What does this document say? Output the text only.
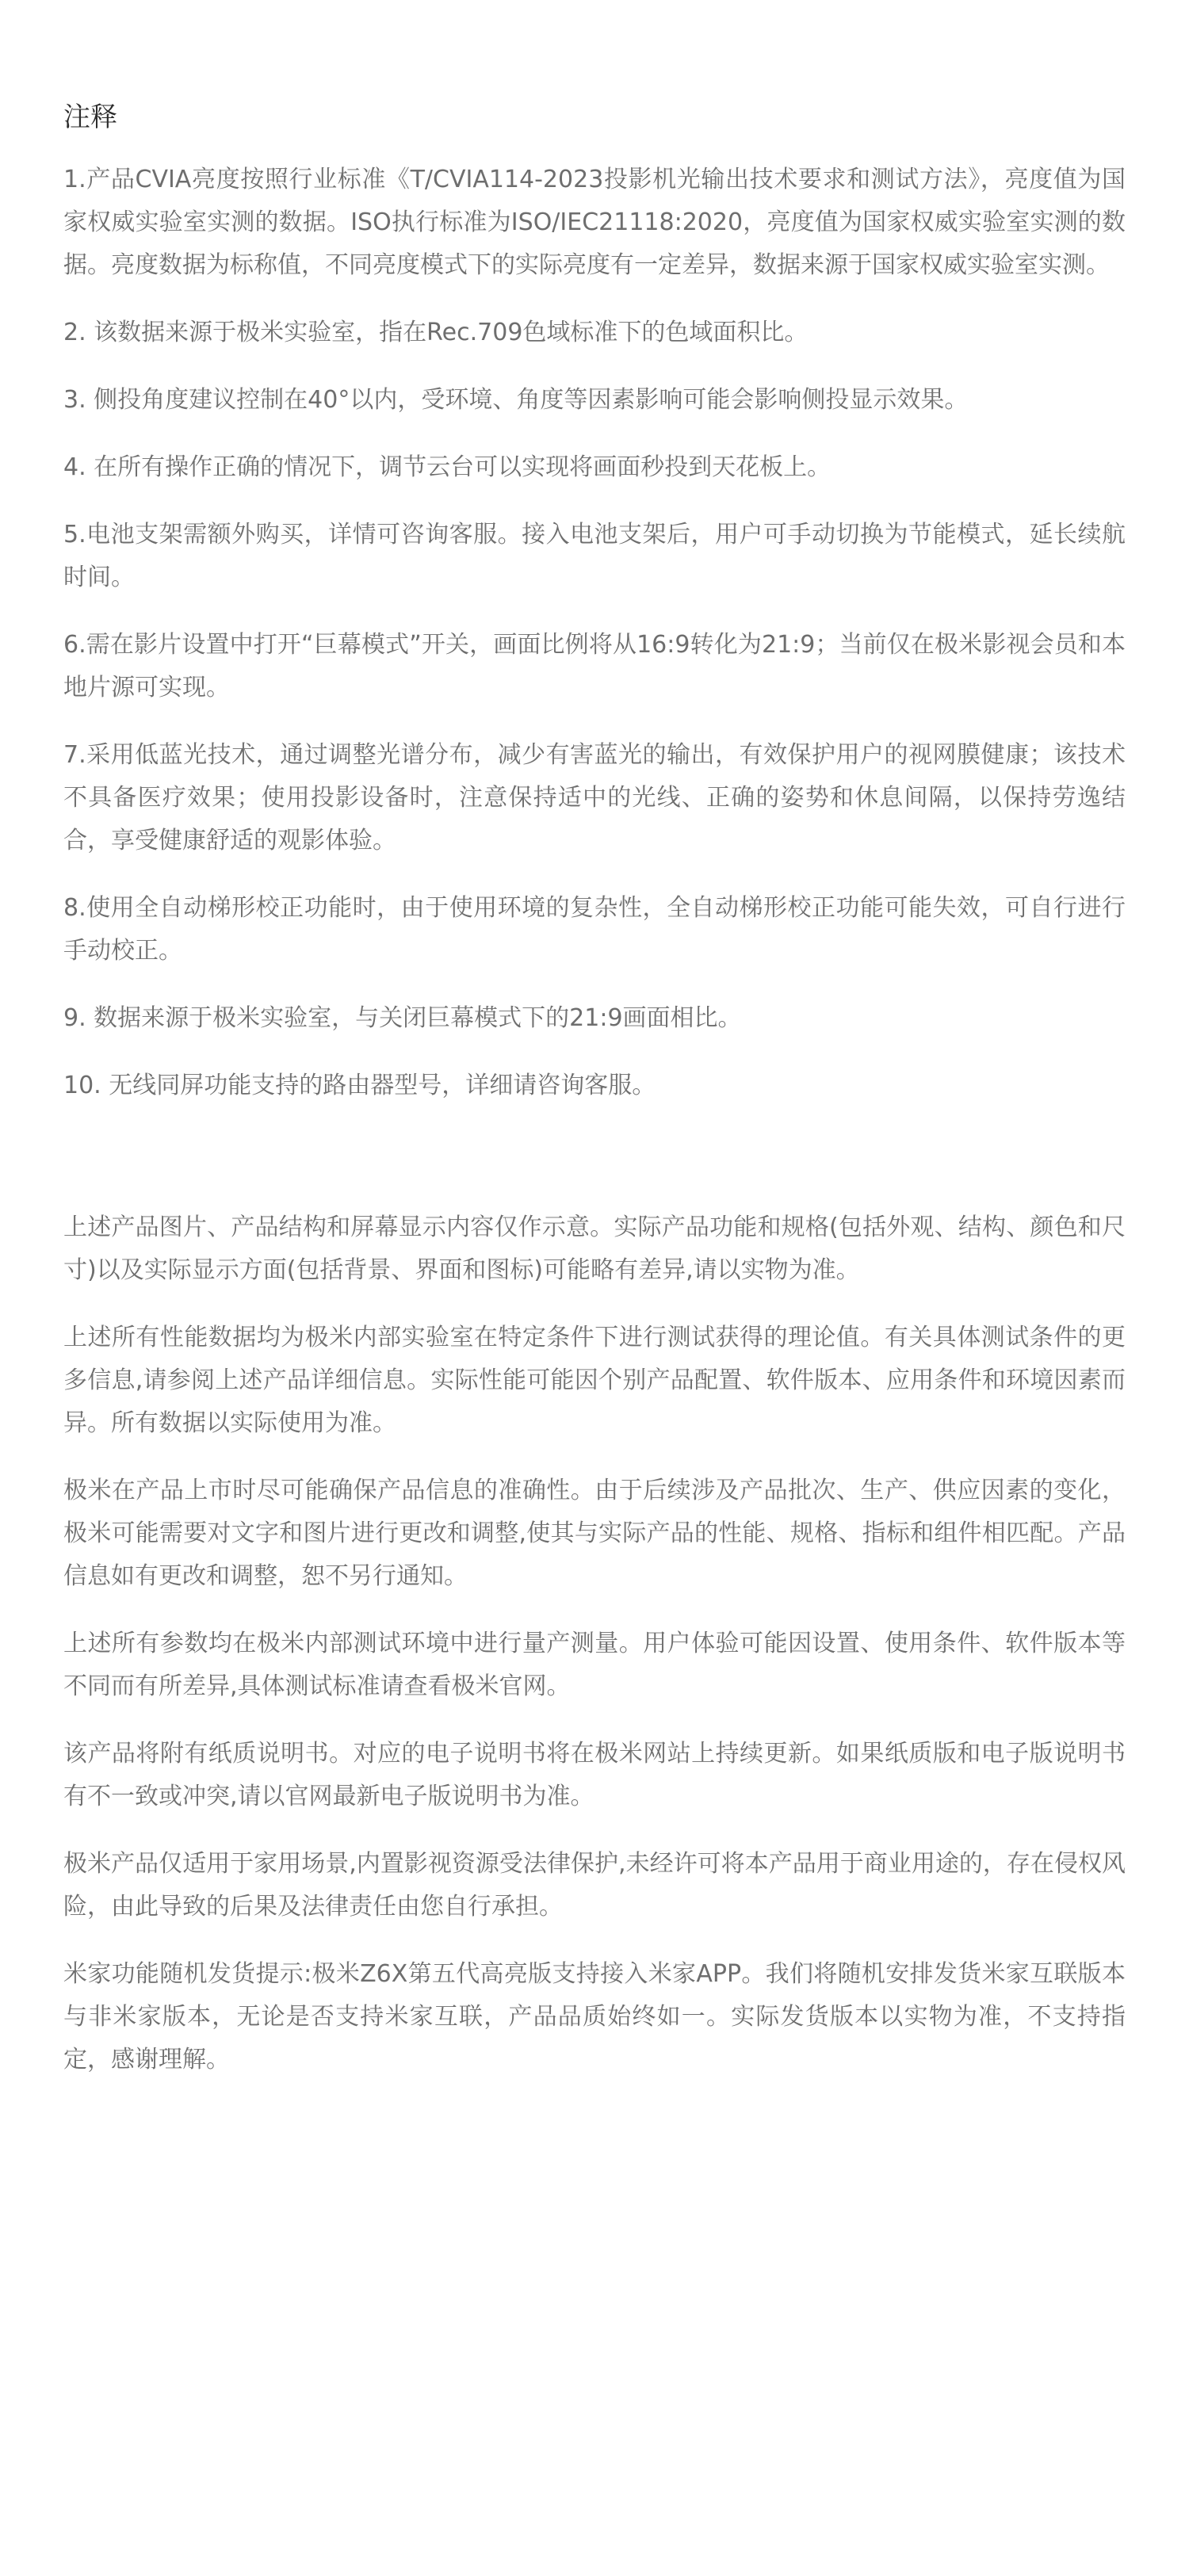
注释

1.产品CVIA亮度按照行业标准《T/CVIA114-2023投影机光输出技术要求和测试方法》，亮度值为国家权威实验室实测的数据。ISO执行标准为ISO/IEC21118:2020，亮度值为国家权威实验室实测的数据。亮度数据为标称值，不同亮度模式下的实际亮度有一定差异，数据来源于国家权威实验室实测。

2. 该数据来源于极米实验室，指在Rec.709色域标准下的色域面积比。

3. 侧投角度建议控制在40°以内，受环境、角度等因素影响可能会影响侧投显示效果。

4. 在所有操作正确的情况下，调节云台可以实现将画面秒投到天花板上。

5.电池支架需额外购买，详情可咨询客服。接入电池支架后，用户可手动切换为节能模式，延长续航时间。

6.需在影片设置中打开“巨幕模式”开关，画面比例将从16:9转化为21:9；当前仅在极米影视会员和本地片源可实现。

7.采用低蓝光技术，通过调整光谱分布，减少有害蓝光的输出，有效保护用户的视网膜健康；该技术不具备医疗效果；使用投影设备时，注意保持适中的光线、正确的姿势和休息间隔，以保持劳逸结合，享受健康舒适的观影体验。

8.使用全自动梯形校正功能时，由于使用环境的复杂性，全自动梯形校正功能可能失效，可自行进行手动校正。

9. 数据来源于极米实验室，与关闭巨幕模式下的21:9画面相比。

10. 无线同屏功能支持的路由器型号，详细请咨询客服。

上述产品图片、产品结构和屏幕显示内容仅作示意。实际产品功能和规格(包括外观、结构、颜色和尺寸)以及实际显示方面(包括背景、界面和图标)可能略有差异,请以实物为准。

上述所有性能数据均为极米内部实验室在特定条件下进行测试获得的理论值。有关具体测试条件的更多信息,请参阅上述产品详细信息。实际性能可能因个别产品配置、软件版本、应用条件和环境因素而异。所有数据以实际使用为准。

极米在产品上市时尽可能确保产品信息的准确性。由于后续涉及产品批次、生产、供应因素的变化，极米可能需要对文字和图片进行更改和调整,使其与实际产品的性能、规格、指标和组件相匹配。产品信息如有更改和调整，恕不另行通知。

上述所有参数均在极米内部测试环境中进行量产测量。用户体验可能因设置、使用条件、软件版本等不同而有所差异,具体测试标准请查看极米官网。

该产品将附有纸质说明书。对应的电子说明书将在极米网站上持续更新。如果纸质版和电子版说明书有不一致或冲突,请以官网最新电子版说明书为准。

极米产品仅适用于家用场景,内置影视资源受法律保护,未经许可将本产品用于商业用途的，存在侵权风险，由此导致的后果及法律责任由您自行承担。

米家功能随机发货提示:极米Z6X第五代高亮版支持接入米家APP。我们将随机安排发货米家互联版本与非米家版本，无论是否支持米家互联，产品品质始终如一。实际发货版本以实物为准，不支持指定，感谢理解。
